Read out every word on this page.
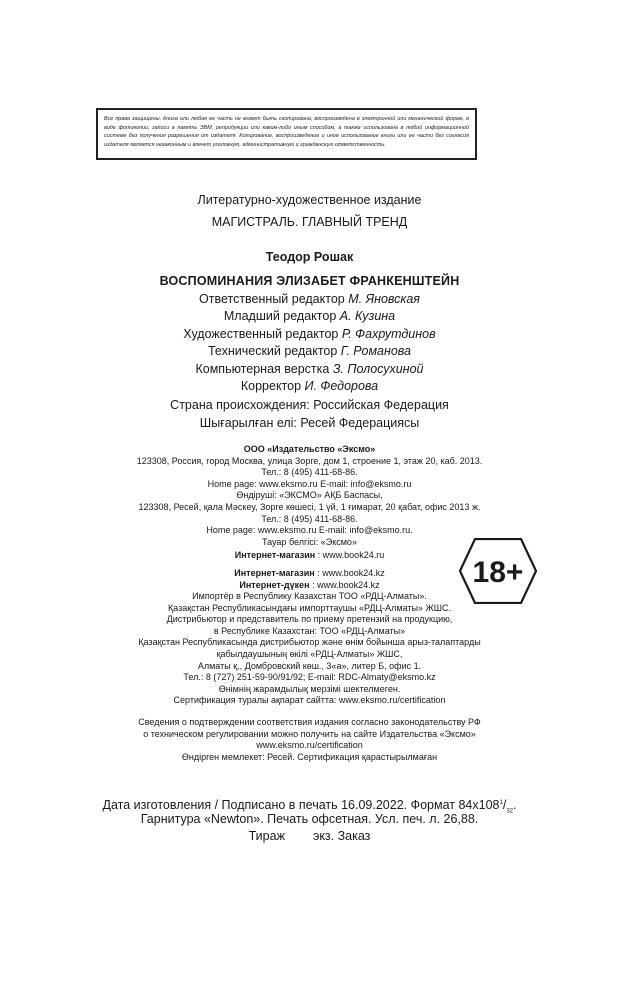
Все права защищены. Книга или любая ее часть не может быть скопирована, воспроизведена в электронной или механической форме, в виде фотокопии, записи в память ЭВМ, репродукции или каким-либо иным способом, а также использована в любой информационной системе без получения разрешения от издателя. Копирование, воспроизведение и иное использование книги или ее части без согласия издателя является незаконным и влечет уголовную, административную и гражданскую ответственность.
Литературно-художественное издание
МАГИСТРАЛЬ. ГЛАВНЫЙ ТРЕНД
Теодор Рошак
ВОСПОМИНАНИЯ ЭЛИЗАБЕТ ФРАНКЕНШТЕЙН
Ответственный редактор М. Яновская
Младший редактор А. Кузина
Художественный редактор Р. Фахрутдинов
Технический редактор Г. Романова
Компьютерная верстка З. Полосухиной
Корректор И. Федорова
Страна происхождения: Российская Федерация
Шығарылған елі: Ресей Федерациясы
ООО «Издательство «Эксмо»
123308, Россия, город Москва, улица Зорге, дом 1, строение 1, этаж 20, каб. 2013.
Тел.: 8 (495) 411-68-86.
Home page: www.eksmo.ru E-mail: info@eksmo.ru
Өндіруші: «ЭКСМО» АҚБ Баспасы,
123308, Ресей, қала Мәскеу, Зорге көшесі, 1 үй, 1 ғимарат, 20 қабат, офис 2013 ж.
Тел.: 8 (495) 411-68-86.
Home page: www.eksmo.ru E-mail: info@eksmo.ru.
Тауар белгісі: «Эксмо»
Интернет-магазин : www.book24.ru
Интернет-магазин : www.book24.kz
Интернет-дүкен : www.book24.kz
Импортёр в Республику Казахстан ТОО «РДЦ-Алматы».
Қазақстан Республикасындағы импорттаушы «РДЦ-Алматы» ЖШС.
Дистрибьютор и представитель по приему претензий на продукцию,
в Республике Казахстан: ТОО «РДЦ-Алматы»
Қазақстан Республикасында дистрибьютор және өнім бойынша арыз-талаптарды
қабылдаушының өкілі «РДЦ-Алматы» ЖШС,
Алматы қ., Домбровский көш., 3«а», литер Б, офис 1.
Тел.: 8 (727) 251-59-90/91/92; E-mail: RDC-Almaty@eksmo.kz
Өнімнің жарамдылық мерзімі шектелмеген.
Сертификация туралы ақпарат сайтта: www.eksmo.ru/certification
Сведения о подтверждении соответствия издания согласно законодательству РФ
о техническом регулировании можно получить на сайте Издательства «Эксмо»
www.eksmo.ru/certification
Өндірген мемлекет: Ресей. Сертификация қарастырылмаған
Дата изготовления / Подписано в печать 16.09.2022. Формат $84x108^1/_{32}$.
Гарнитура «Newton». Печать офсетная. Усл. печ. л. 26,88.
Тираж экз. Заказ
18+
